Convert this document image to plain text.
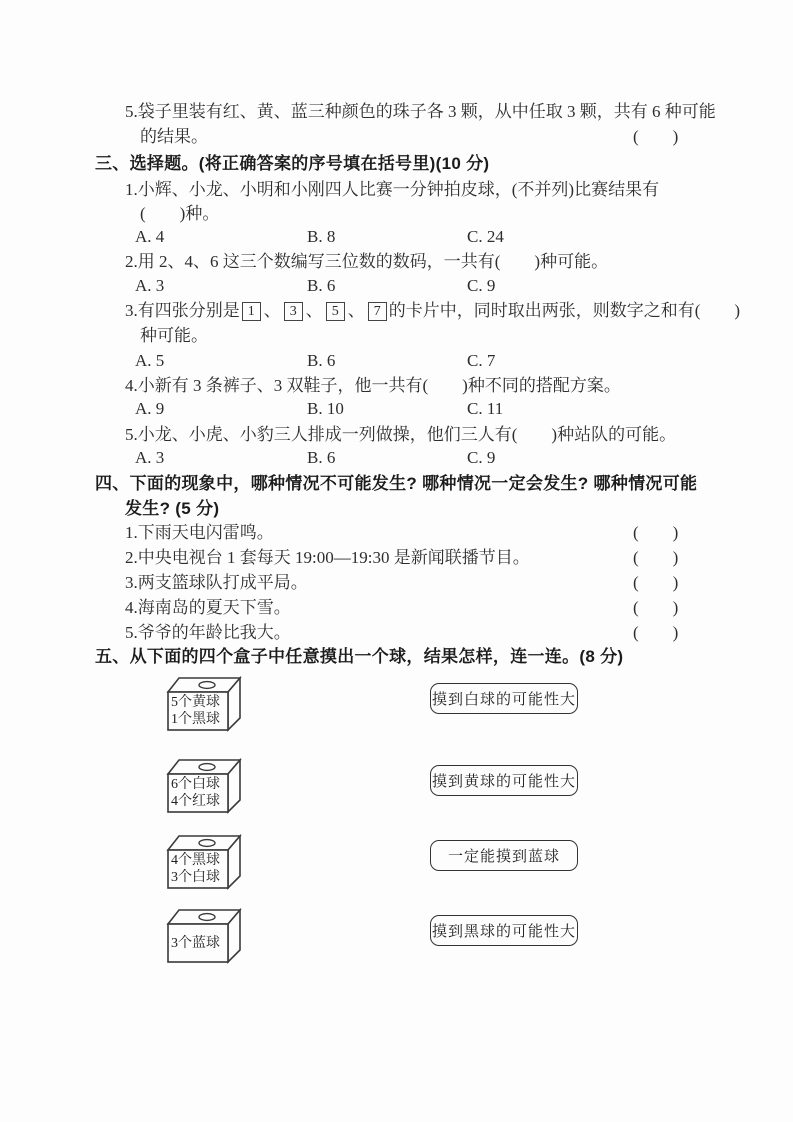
5.袋子里装有红、黄、蓝三种颜色的珠子各 3 颗，从中任取 3 颗，共有 6 种可能
的结果。	(  )
三、选择题。(将正确答案的序号填在括号里)(10 分)
1.小辉、小龙、小明和小刚四人比赛一分钟拍皮球，(不并列)比赛结果有
(  )种。
A. 4	B. 8	C. 24
2.用 2、4、6 这三个数编写三位数的数码，一共有(  )种可能。
A. 3	B. 6	C. 9
3.有四张分别是 1 、 3 、 5 、 7 的卡片中，同时取出两张，则数字之和有(  )
种可能。
A. 5	B. 6	C. 7
4.小新有 3 条裤子、3 双鞋子，他一共有(  )种不同的搭配方案。
A. 9	B. 10	C. 11
5.小龙、小虎、小豹三人排成一列做操，他们三人有(  )种站队的可能。
A. 3	B. 6	C. 9
四、下面的现象中，哪种情况不可能发生? 哪种情况一定会发生? 哪种情况可能
发生? (5 分)
1.下雨天电闪雷鸣。	(  )
2.中央电视台 1 套每天 19:00—19:30 是新闻联播节目。	(  )
3.两支篮球队打成平局。	(  )
4.海南岛的夏天下雪。	(  )
5.爷爷的年龄比我大。	(  )
五、从下面的四个盒子中任意摸出一个球，结果怎样，连一连。(8 分)
5个黄球
1个黑球
6个白球
4个红球
4个黑球
3个白球
3个蓝球
摸到白球的可能性大
摸到黄球的可能性大
一定能摸到蓝球
摸到黑球的可能性大
